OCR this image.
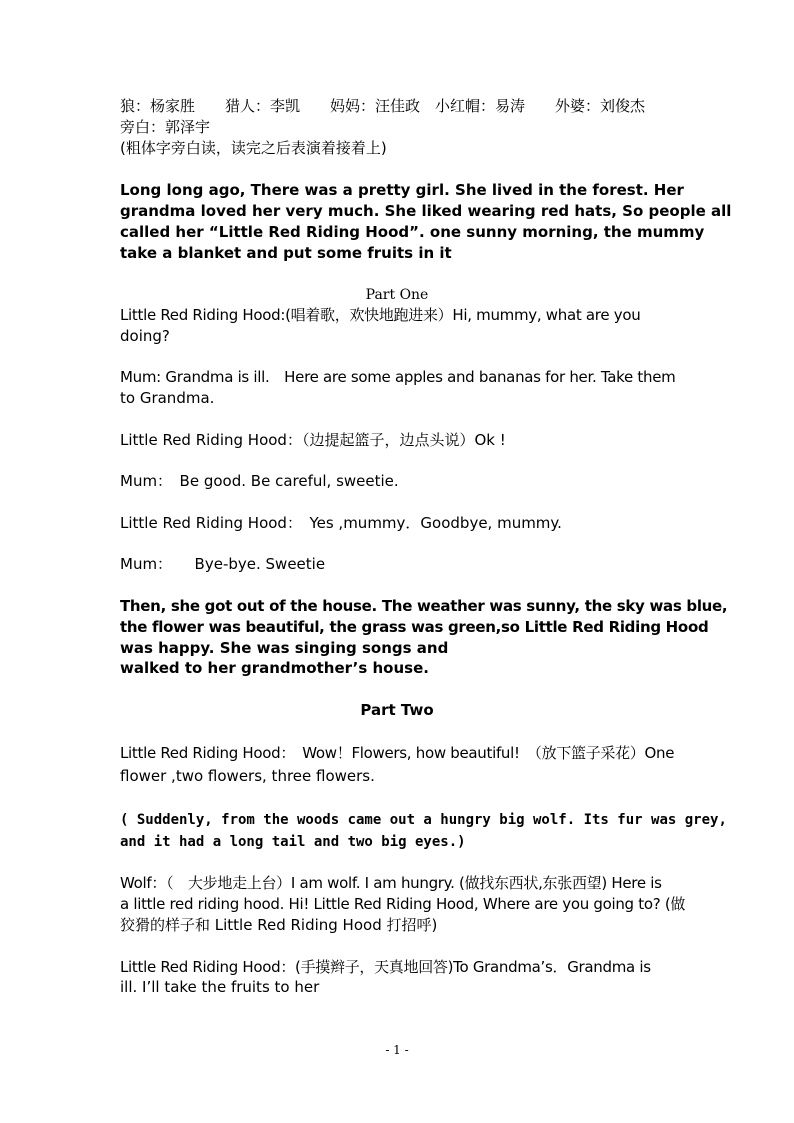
狼：杨家胜　　猎人：李凯　　妈妈：汪佳政　小红帽：易涛　　外婆：刘俊杰
旁白：郭泽宇
(粗体字旁白读，读完之后表演着接着上)
Long long ago, There was a pretty girl. She lived in the forest. Her
grandma loved her very much. She liked wearing red hats, So people all
called her “Little Red Riding Hood”. one sunny morning, the mummy
take a blanket and put some fruits in it
Part One
Little Red Riding Hood:(唱着歌，欢快地跑进来）Hi, mummy, what are you
doing?
Mum: Grandma is ill.　Here are some apples and bananas for her. Take them
to Grandma.
Little Red Riding Hood：（边提起篮子，边点头说）Ok !
Mum：　Be good. Be careful, sweetie.
Little Red Riding Hood：　Yes ,mummy．Goodbye, mummy.
Mum：　　Bye-bye. Sweetie
Then, she got out of the house. The weather was sunny, the sky was blue,
the flower was beautiful, the grass was green,so Little Red Riding Hood
was happy. She was singing songs and
walked to her grandmother’s house.
Part Two
Little Red Riding Hood：　Wow！Flowers, how beautiful!　（放下篮子采花）One
flower ,two flowers, three flowers.
( Suddenly, from the woods came out a hungry big wolf. Its fur was grey,
and it had a long tail and two big eyes.)
Wolf：（　大步地走上台）I am wolf. I am hungry. (做找东西状,东张西望) Here is
a little red riding hood. Hi! Little Red Riding Hood, Where are you going to? (做
狡猾的样子和 Little Red Riding Hood 打招呼)
Little Red Riding Hood：(手摸辫子，天真地回答)To Grandma’s．Grandma is
ill. I’ll take the fruits to her
- 1 -
